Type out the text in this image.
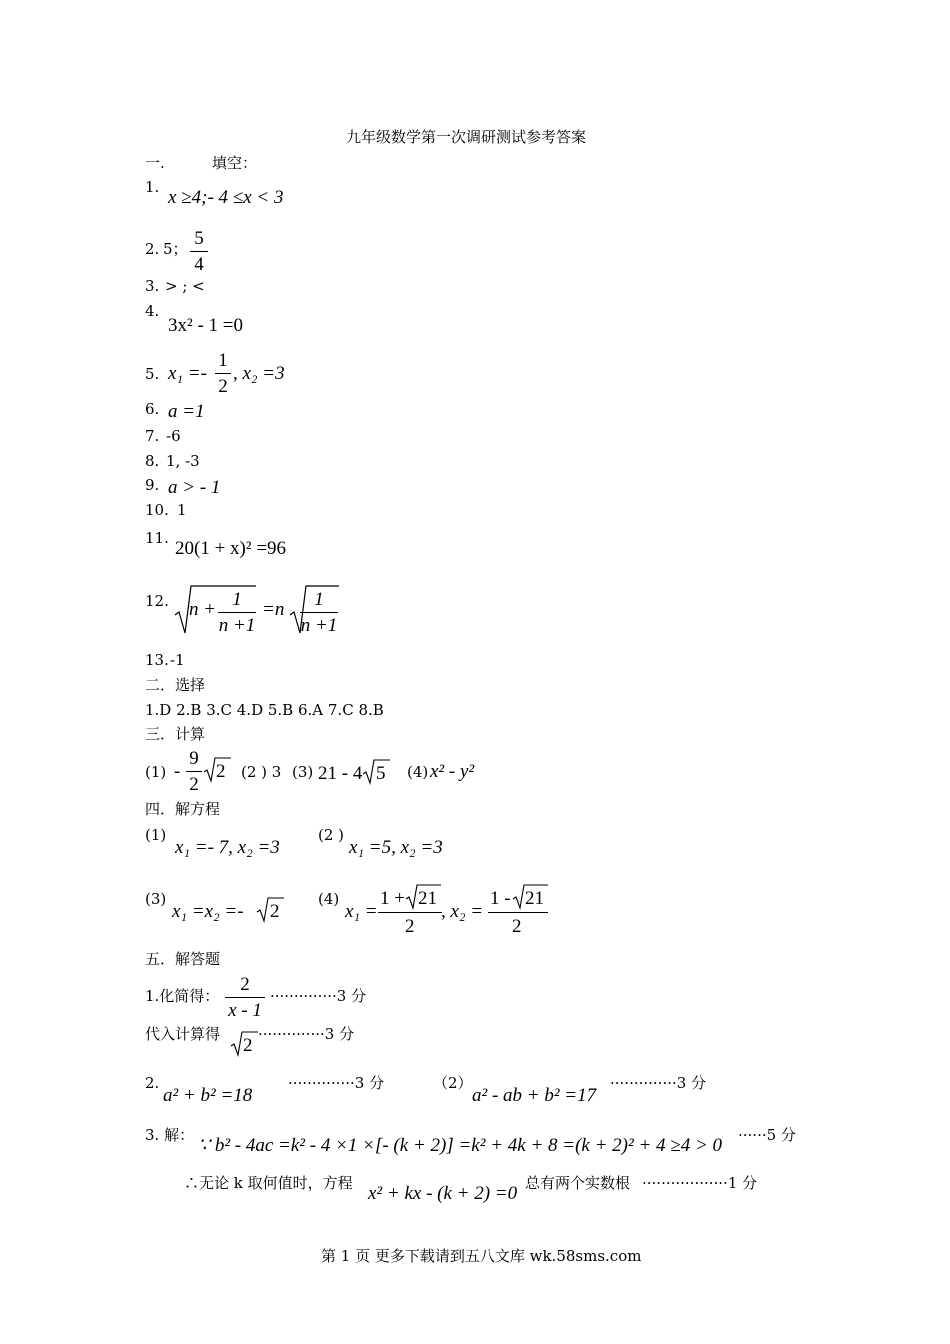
九年级数学第一次调研测试参考答案
一.	填空：
1. x ≥4;- 4 ≤x < 3
2. 5； 5
4
3. > ; <
4.
3x² - 1 =0
5. x₁ =-
1
2
, x₂ =3
6. a =1
7. -6
8. 1, -3
9. a > - 1
10. 1
11. 20(1 + x)² =96
12. n + 1
n +1
=n	1
n +1
13. -1
二．选择
1.D 2.B 3.C 4.D 5.B 6.A 7.C 8.B
三．计算
(1) -
9
2
2 (2 ) 3 (3) 21 - 4 5 (4) x² - y²
四．解方程
(1)
x₁ =- 7, x₂ =3
(2 )
x₁ =5, x₂ =3
(3)
x₁ =x₂ =- 2
(4)
x₁ =
1 + 21
2
, x₂ =
1 - 21
2
五．解答题
1.化简得：
2
x - 1
··············3 分
代入计算得
2
··············3 分
2.
a² + b² =18
··············3 分	（2）
a² - ab + b² =17
··············3 分
3. 解： ∵ b² - 4ac =k² - 4 ×1 ×[- (k + 2)] =k² + 4k + 8 =(k + 2)² + 4 ≥4 > 0 ······5 分
∴无论 k 取何值时，方程 x² + kx - (k + 2) =0 总有两个实数根 ··················1 分
第 1 页 更多下载请到五八文库 wk.58sms.com
